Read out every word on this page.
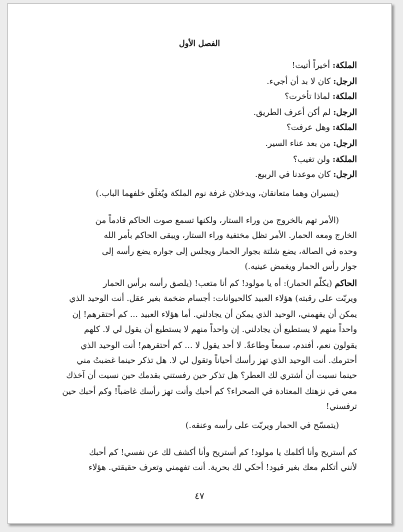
الفصل الأول
الملكة: أخيراً أتيت!
الرجل: كان لا بد أن أجيء.
الملكة: لماذا تأخرت؟
الرجل: لم أكن أعرف الطريق.
الملكة: وهل عرفت؟
الرجل: من بعد عناء السير.
الملكة: ولن تغيب؟
الرجل: كان موعدنا في الربيع.
(يسيران وهما متعانقان، ويدخلان غرفة نوم الملكة ويُغلَق خلفهما الباب.)
(الأمر تهم بالخروج من وراء الستار، ولكنها تسمع صوت الحاكم قادماً من
الخارج ومعه الحمار. الأمر تظل مختفية وراء الستار، ويبقى الحاكم بأمر الله
وحده في الصالة، يضع شلتة بجوار الحمار ويجلس إلى جواره يضع رأسه إلى
جوار رأس الحمار ويغمض عينيه.)
الحاكم (يكلّم الحمار): أه يا مولود! كم أنا متعب! (يلصق رأسه برأس الحمار
ويربّت على رقبته) هؤلاء العبيد كالحيوانات: أجسام ضخمة بغير عقل. أنت الوحيد الذي
يمكن أن يفهمني، الوحيد الذي يمكن أن يجادلني. أما هؤلاء العبيد ... كم أحتقرهم! إن
واحداً منهم لا يستطيع أن يجادلني. إن واحداً منهم لا يستطيع أن يقول لي لا. كلهم
يقولون نعم، أفندم، سمعاً وطاعةً. لا أحد يقول لا ... كم أحتقرهم! أنت الوحيد الذي
أحترمك. أنت الوحيد الذي تهز رأسك أحياناً وتقول لي لا. هل تذكر حينما غضبتُ مني
حينما نسيت أن أشتري لك العطر؟ هل تذكر حين رفستني بقدمك حين نسيت أن آخذك
معي في نزهتك المعتادة في الصحراء؟ كم أحبك وأنت تهز رأسك غاضباً! وكم أحبك حين
ترفسني!
(يتمسّح في الحمار ويربّت على رأسه وعنقه.)
كم أستريح وأنا أكلمك يا مولود! كم أستريح وأنا أكشف لك عن نفسي! كم أحبك
لأنني أتكلم معك بغير قيود! أحكي لك بحرية. أنت تفهمني وتعرف حقيقتي. هؤلاء
٤٧
